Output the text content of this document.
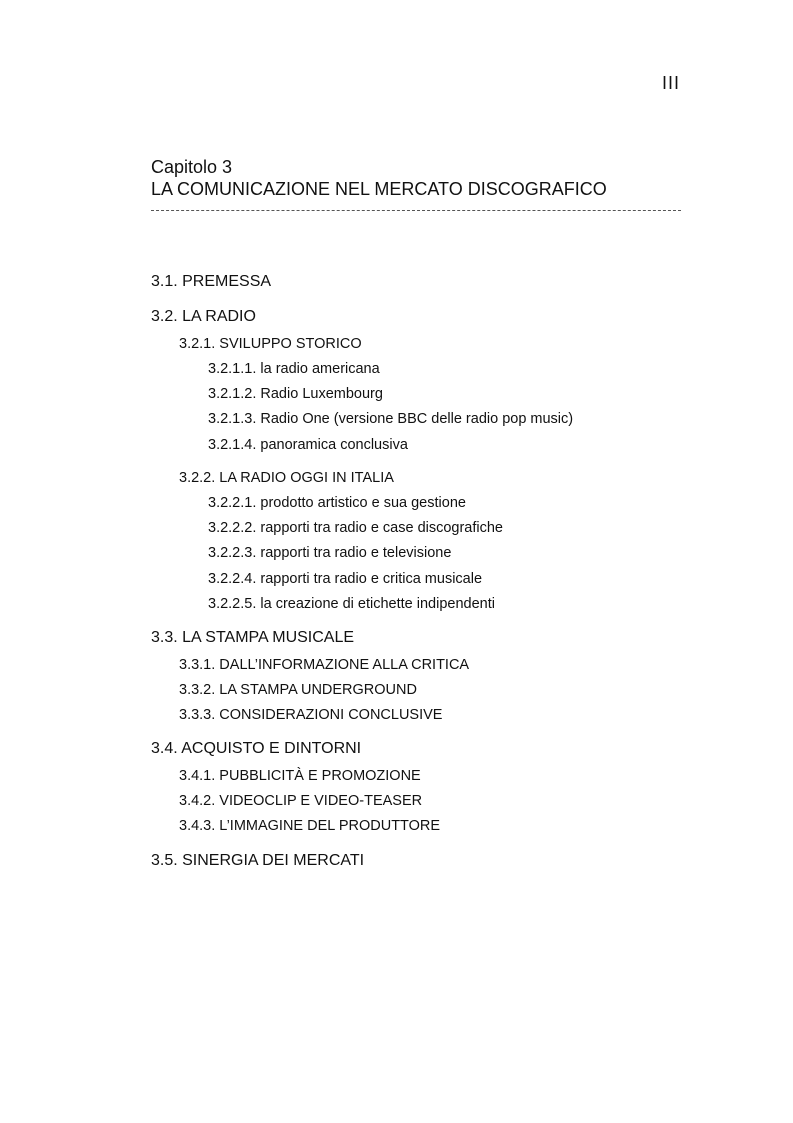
III
Capitolo 3
LA COMUNICAZIONE NEL MERCATO DISCOGRAFICO
3.1. PREMESSA
3.2. LA RADIO
3.2.1. SVILUPPO STORICO
3.2.1.1. la radio americana
3.2.1.2. Radio Luxembourg
3.2.1.3. Radio One (versione BBC delle radio pop music)
3.2.1.4. panoramica conclusiva
3.2.2. LA RADIO OGGI IN ITALIA
3.2.2.1. prodotto artistico e sua gestione
3.2.2.2. rapporti tra radio e case discografiche
3.2.2.3. rapporti tra radio e televisione
3.2.2.4. rapporti tra radio e critica musicale
3.2.2.5. la creazione di etichette indipendenti
3.3. LA STAMPA MUSICALE
3.3.1. DALL’INFORMAZIONE ALLA CRITICA
3.3.2. LA STAMPA UNDERGROUND
3.3.3. CONSIDERAZIONI CONCLUSIVE
3.4. ACQUISTO E DINTORNI
3.4.1. PUBBLICITÀ E PROMOZIONE
3.4.2. VIDEOCLIP E VIDEO-TEASER
3.4.3. L’IMMAGINE DEL PRODUTTORE
3.5. SINERGIA DEI MERCATI
